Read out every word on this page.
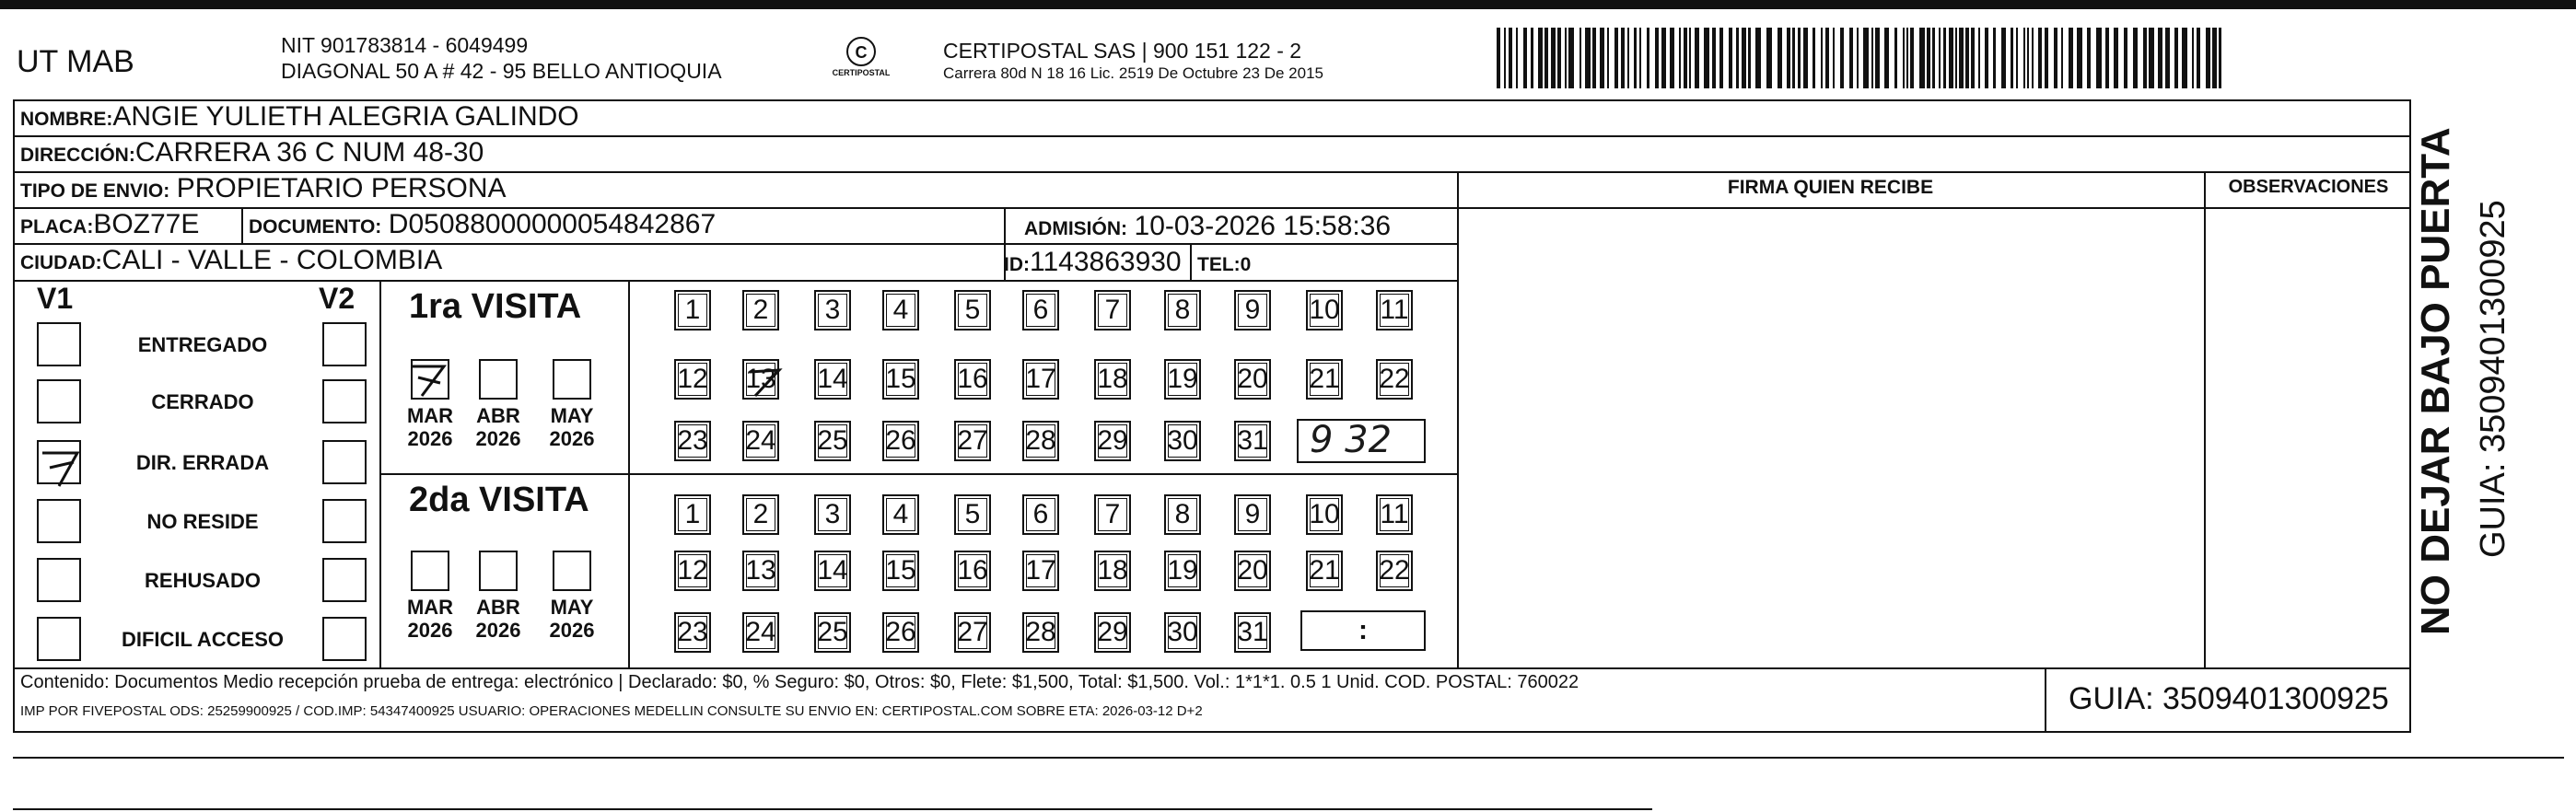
UT MAB	NIT 901783814 - 6049499
DIAGONAL 50 A # 42 - 95 BELLO ANTIOQUIA
C
CERTIPOSTAL
CERTIPOSTAL SAS | 900 151 122 - 2
Carrera 80d N 18 16 Lic. 2519 De Octubre 23 De 2015
NOMBRE:ANGIE YULIETH ALEGRIA GALINDO
DIRECCIÓN:CARRERA 36 C NUM 48-30
TIPO DE ENVIO: PROPIETARIO PERSONA
PLACA:BOZ77E	DOCUMENTO: D05088000000054842867	ADMISIÓN: 10-03-2026 15:58:36
CIUDAD:CALI - VALLE - COLOMBIA	ID:1143863930 TEL:0
FIRMA QUIEN RECIBE	OBSERVACIONES
V1	V2
ENTREGADO
CERRADO
DIR. ERRADA
NO RESIDE
REHUSADO
DIFICIL ACCESO
1ra VISITA
2da VISITA
MAR
2026
ABR
2026
MAY
2026
MAR
2026
ABR
2026
MAY
2026
1	2	3	4	5	6	7	8	9	10 11
12 13 14 15 16 17 18 19 20 21 22
23 24 25 26 27 28 29 30 31
1	2	3	4	5	6	7	8	9	10 11
12 13 14 15 16 17 18 19 20 21 22
23 24 25 26 27 28 29 30 31
9 32
:
Contenido: Documentos Medio recepción prueba de entrega: electrónico | Declarado: $0, % Seguro: $0, Otros: $0, Flete: $1,500, Total: $1,500. Vol.: 1*1*1. 0.5 1 Unid. COD. POSTAL: 760022
IMP POR FIVEPOSTAL ODS: 25259900925 / COD.IMP: 54347400925 USUARIO: OPERACIONES MEDELLIN CONSULTE SU ENVIO EN: CERTIPOSTAL.COM SOBRE ETA: 2026-03-12 D+2	GUIA: 3509401300925
NO DEJAR BAJO PUERTA GUIA: 3509401300925
